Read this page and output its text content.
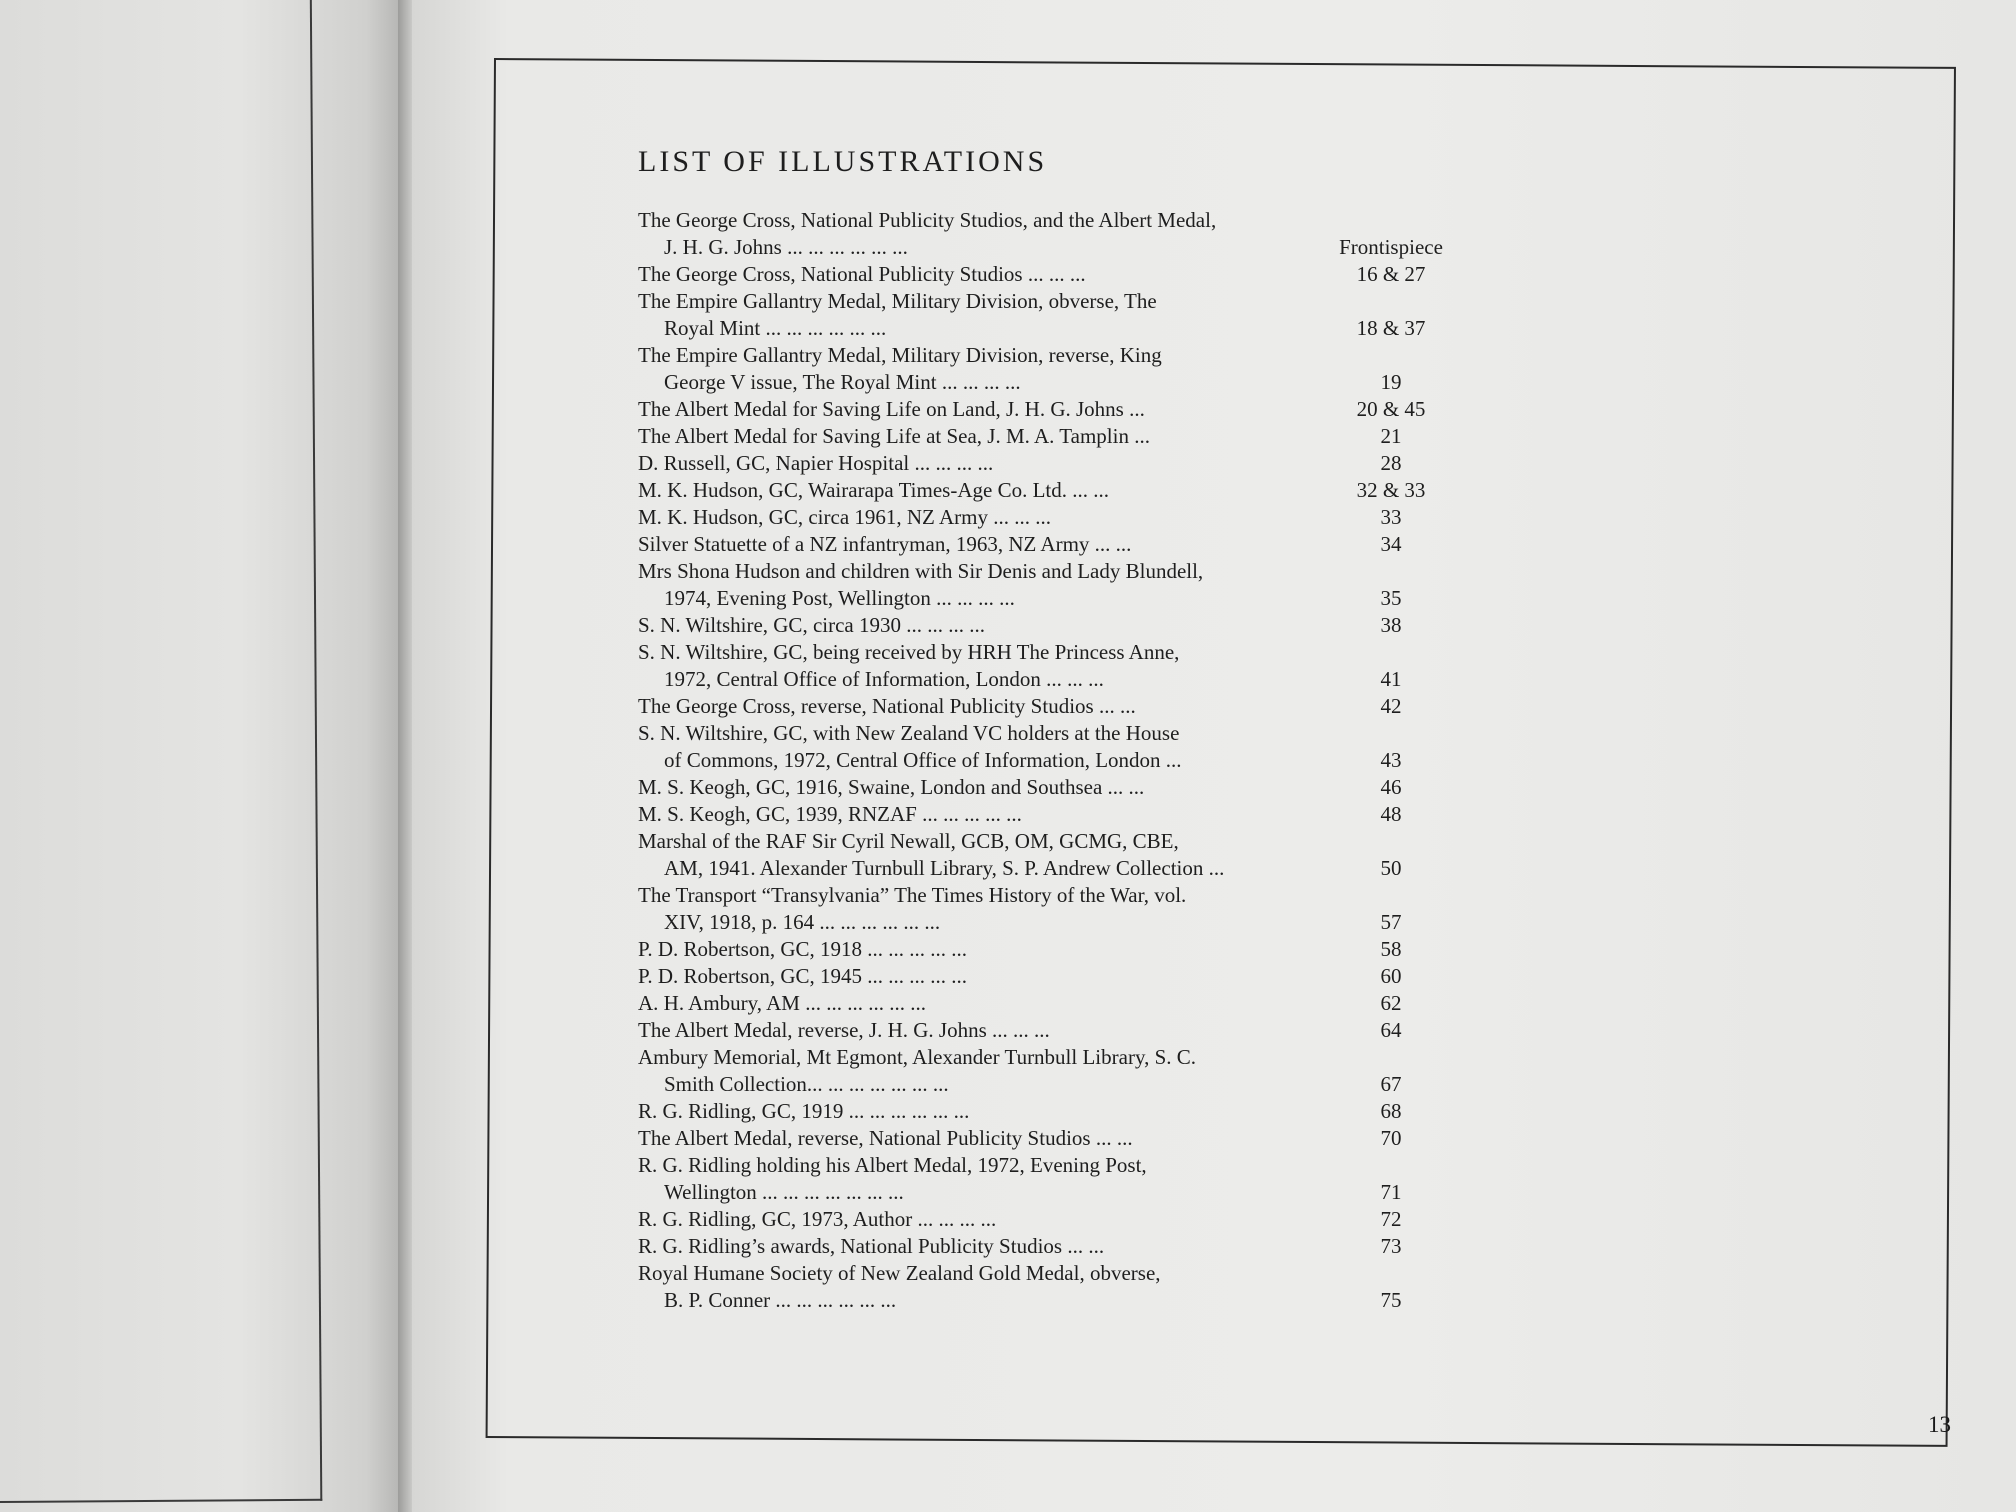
LIST OF ILLUSTRATIONS
The George Cross, National Publicity Studios, and the Albert Medal,
J. H. G. Johns ... ... ... ... ... ...	Frontispiece
The George Cross, National Publicity Studios ... ... ...	16 & 27
The Empire Gallantry Medal, Military Division, obverse, The
Royal Mint ... ... ... ... ... ...	18 & 37
The Empire Gallantry Medal, Military Division, reverse, King
George V issue, The Royal Mint ... ... ... ...	19
The Albert Medal for Saving Life on Land, J. H. G. Johns ...	20 & 45
The Albert Medal for Saving Life at Sea, J. M. A. Tamplin ...	21
D. Russell, GC, Napier Hospital ... ... ... ...	28
M. K. Hudson, GC, Wairarapa Times-Age Co. Ltd. ... ...	32 & 33
M. K. Hudson, GC, circa 1961, NZ Army ... ... ...	33
Silver Statuette of a NZ infantryman, 1963, NZ Army ... ...	34
Mrs Shona Hudson and children with Sir Denis and Lady Blundell,
1974, Evening Post, Wellington ... ... ... ...	35
S. N. Wiltshire, GC, circa 1930 ... ... ... ...	38
S. N. Wiltshire, GC, being received by HRH The Princess Anne,
1972, Central Office of Information, London ... ... ...	41
The George Cross, reverse, National Publicity Studios ... ...	42
S. N. Wiltshire, GC, with New Zealand VC holders at the House
of Commons, 1972, Central Office of Information, London ...	43
M. S. Keogh, GC, 1916, Swaine, London and Southsea ... ...	46
M. S. Keogh, GC, 1939, RNZAF ... ... ... ... ...	48
Marshal of the RAF Sir Cyril Newall, GCB, OM, GCMG, CBE,
AM, 1941. Alexander Turnbull Library, S. P. Andrew Collection ...	50
The Transport “Transylvania” The Times History of the War, vol.
XIV, 1918, p. 164 ... ... ... ... ... ...	57
P. D. Robertson, GC, 1918 ... ... ... ... ...	58
P. D. Robertson, GC, 1945 ... ... ... ... ...	60
A. H. Ambury, AM ... ... ... ... ... ...	62
The Albert Medal, reverse, J. H. G. Johns ... ... ...	64
Ambury Memorial, Mt Egmont, Alexander Turnbull Library, S. C.
Smith Collection... ... ... ... ... ... ...	67
R. G. Ridling, GC, 1919 ... ... ... ... ... ...	68
The Albert Medal, reverse, National Publicity Studios ... ...	70
R. G. Ridling holding his Albert Medal, 1972, Evening Post,
Wellington ... ... ... ... ... ... ...	71
R. G. Ridling, GC, 1973, Author ... ... ... ...	72
R. G. Ridling’s awards, National Publicity Studios ... ...	73
Royal Humane Society of New Zealand Gold Medal, obverse,
B. P. Conner ... ... ... ... ... ...	75
13
